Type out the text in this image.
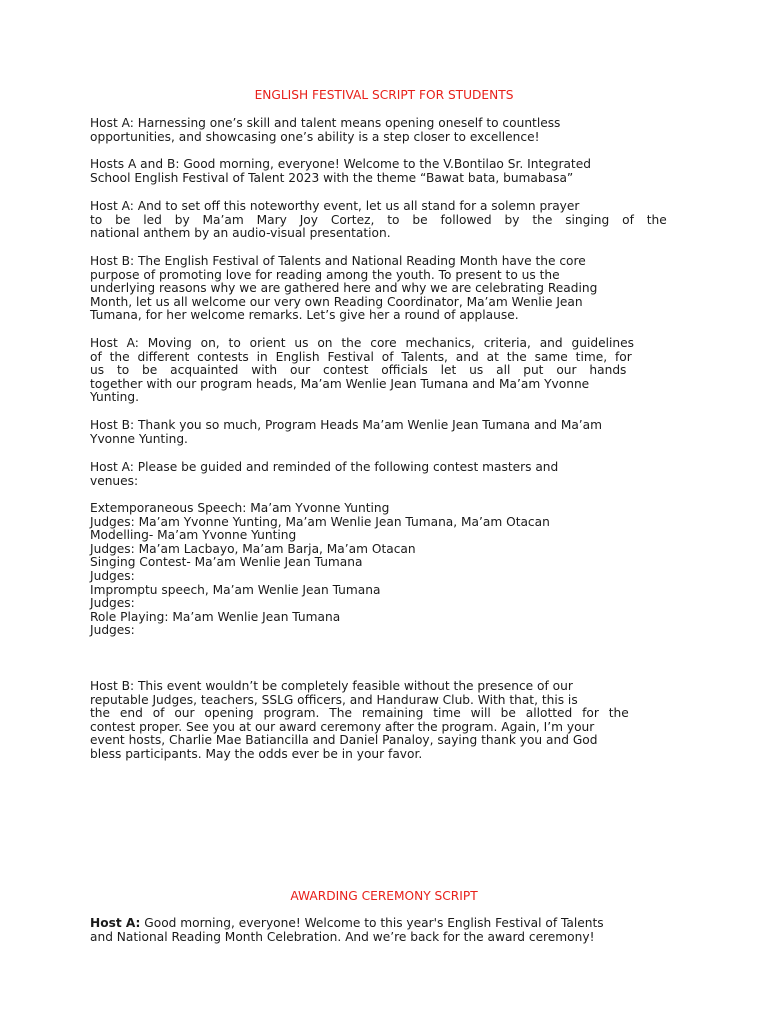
ENGLISH FESTIVAL SCRIPT FOR STUDENTS
Host A: Harnessing one’s skill and talent means opening oneself to countless
opportunities, and showcasing one’s ability is a step closer to excellence!
Hosts A and B: Good morning, everyone! Welcome to the V.Bontilao Sr. Integrated
School English Festival of Talent 2023 with the theme “Bawat bata, bumabasa”
Host A: And to set off this noteworthy event, let us all stand for a solemn prayer
to be led by Ma’am Mary Joy Cortez, to be followed by the singing of the
national anthem by an audio-visual presentation.
Host B: The English Festival of Talents and National Reading Month have the core
purpose of promoting love for reading among the youth. To present to us the
underlying reasons why we are gathered here and why we are celebrating Reading
Month, let us all welcome our very own Reading Coordinator, Ma’am Wenlie Jean
Tumana, for her welcome remarks. Let’s give her a round of applause.
Host A: Moving on, to orient us on the core mechanics, criteria, and guidelines
of the different contests in English Festival of Talents, and at the same time, for
us to be acquainted with our contest officials let us all put our hands
together with our program heads, Ma’am Wenlie Jean Tumana and Ma’am Yvonne
Yunting.
Host B: Thank you so much, Program Heads Ma’am Wenlie Jean Tumana and Ma’am
Yvonne Yunting.
Host A: Please be guided and reminded of the following contest masters and
venues:
Extemporaneous Speech: Ma’am Yvonne Yunting
Judges: Ma’am Yvonne Yunting, Ma’am Wenlie Jean Tumana, Ma’am Otacan
Modelling- Ma’am Yvonne Yunting
Judges: Ma’am Lacbayo, Ma’am Barja, Ma’am Otacan
Singing Contest- Ma’am Wenlie Jean Tumana
Judges:
Impromptu speech, Ma’am Wenlie Jean Tumana
Judges:
Role Playing: Ma’am Wenlie Jean Tumana
Judges:
Host B: This event wouldn’t be completely feasible without the presence of our
reputable Judges, teachers, SSLG officers, and Handuraw Club. With that, this is
the end of our opening program. The remaining time will be allotted for the
contest proper. See you at our award ceremony after the program. Again, I’m your
event hosts, Charlie Mae Batiancilla and Daniel Panaloy, saying thank you and God
bless participants. May the odds ever be in your favor.
AWARDING CEREMONY SCRIPT
Host A: Good morning, everyone! Welcome to this year's English Festival of Talents
and National Reading Month Celebration. And we’re back for the award ceremony!
